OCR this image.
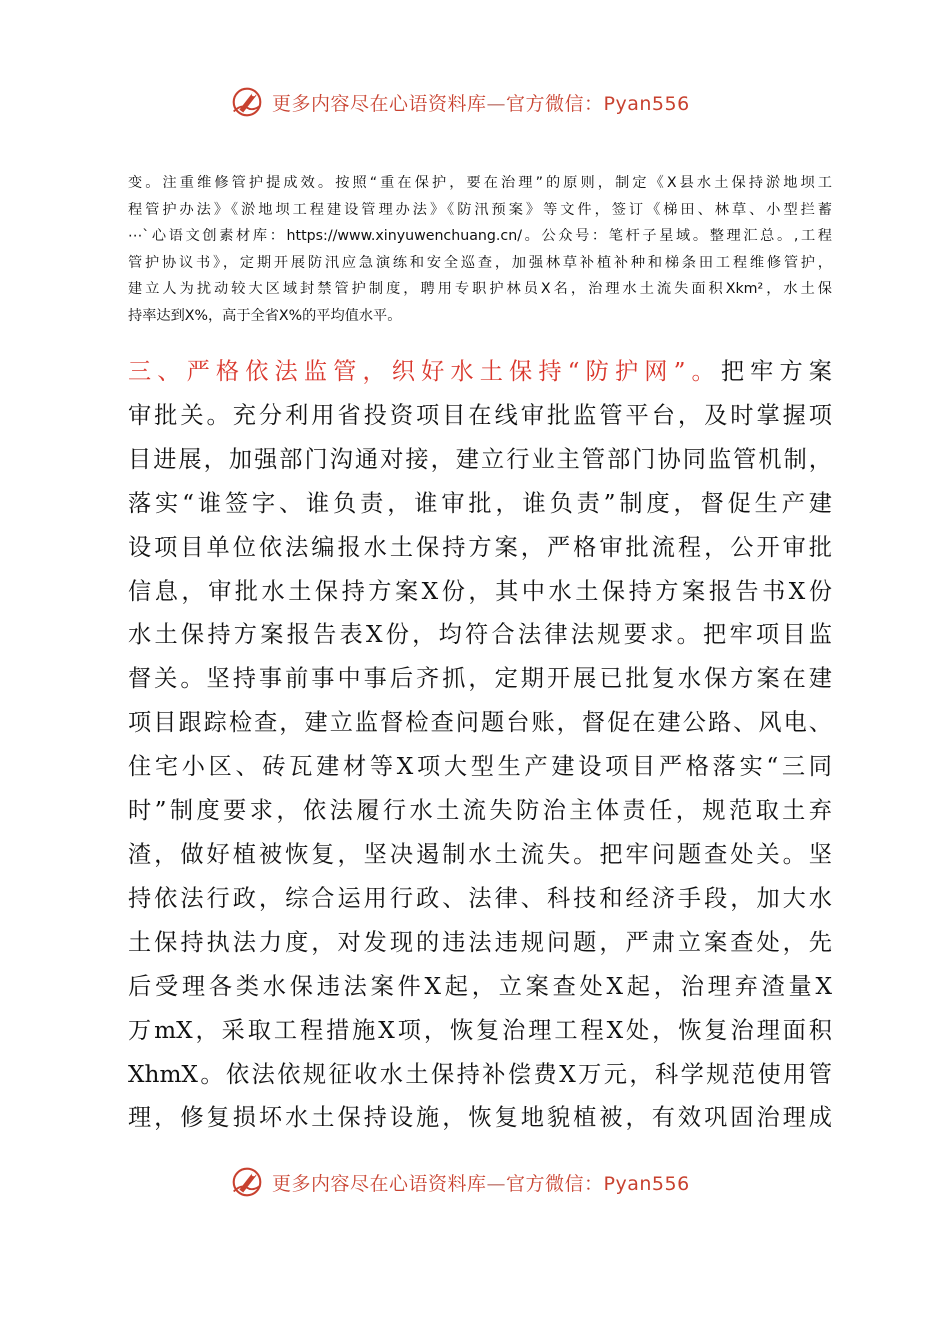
更多内容尽在心语资料库—官方微信：Pyan556
变。注重维修管护提成效。按照“重在保护，要在治理”的原则，制定《X县水土保持淤地坝工
程管护办法》《淤地坝工程建设管理办法》《防汛预案》等文件，签订《梯田、林草、小型拦蓄
⋯`心语文创素材库：https://www.xinyuwenchuang.cn/。公众号：笔杆子星域。整理汇总。,工程
管护协议书》，定期开展防汛应急演练和安全巡查，加强林草补植补种和梯条田工程维修管护，
建立人为扰动较大区域封禁管护制度，聘用专职护林员X名，治理水土流失面积Xkm²，水土保
持率达到X%，高于全省X%的平均值水平。
三、严格依法监管，织好水土保持“防护网”。把牢方案
审批关。充分利用省投资项目在线审批监管平台，及时掌握项
目进展，加强部门沟通对接，建立行业主管部门协同监管机制，
落实“谁签字、谁负责，谁审批，谁负责”制度，督促生产建
设项目单位依法编报水土保持方案，严格审批流程，公开审批
信息，审批水土保持方案X份，其中水土保持方案报告书X份
水土保持方案报告表X份，均符合法律法规要求。把牢项目监
督关。坚持事前事中事后齐抓，定期开展已批复水保方案在建
项目跟踪检查，建立监督检查问题台账，督促在建公路、风电、
住宅小区、砖瓦建材等X项大型生产建设项目严格落实“三同
时”制度要求，依法履行水土流失防治主体责任，规范取土弃
渣，做好植被恢复，坚决遏制水土流失。把牢问题查处关。坚
持依法行政，综合运用行政、法律、科技和经济手段，加大水
土保持执法力度，对发现的违法违规问题，严肃立案查处，先
后受理各类水保违法案件X起，立案查处X起，治理弃渣量X
万mX，采取工程措施X项，恢复治理工程X处，恢复治理面积
XhmX。依法依规征收水土保持补偿费X万元，科学规范使用管
理，修复损坏水土保持设施，恢复地貌植被，有效巩固治理成
更多内容尽在心语资料库—官方微信：Pyan556
